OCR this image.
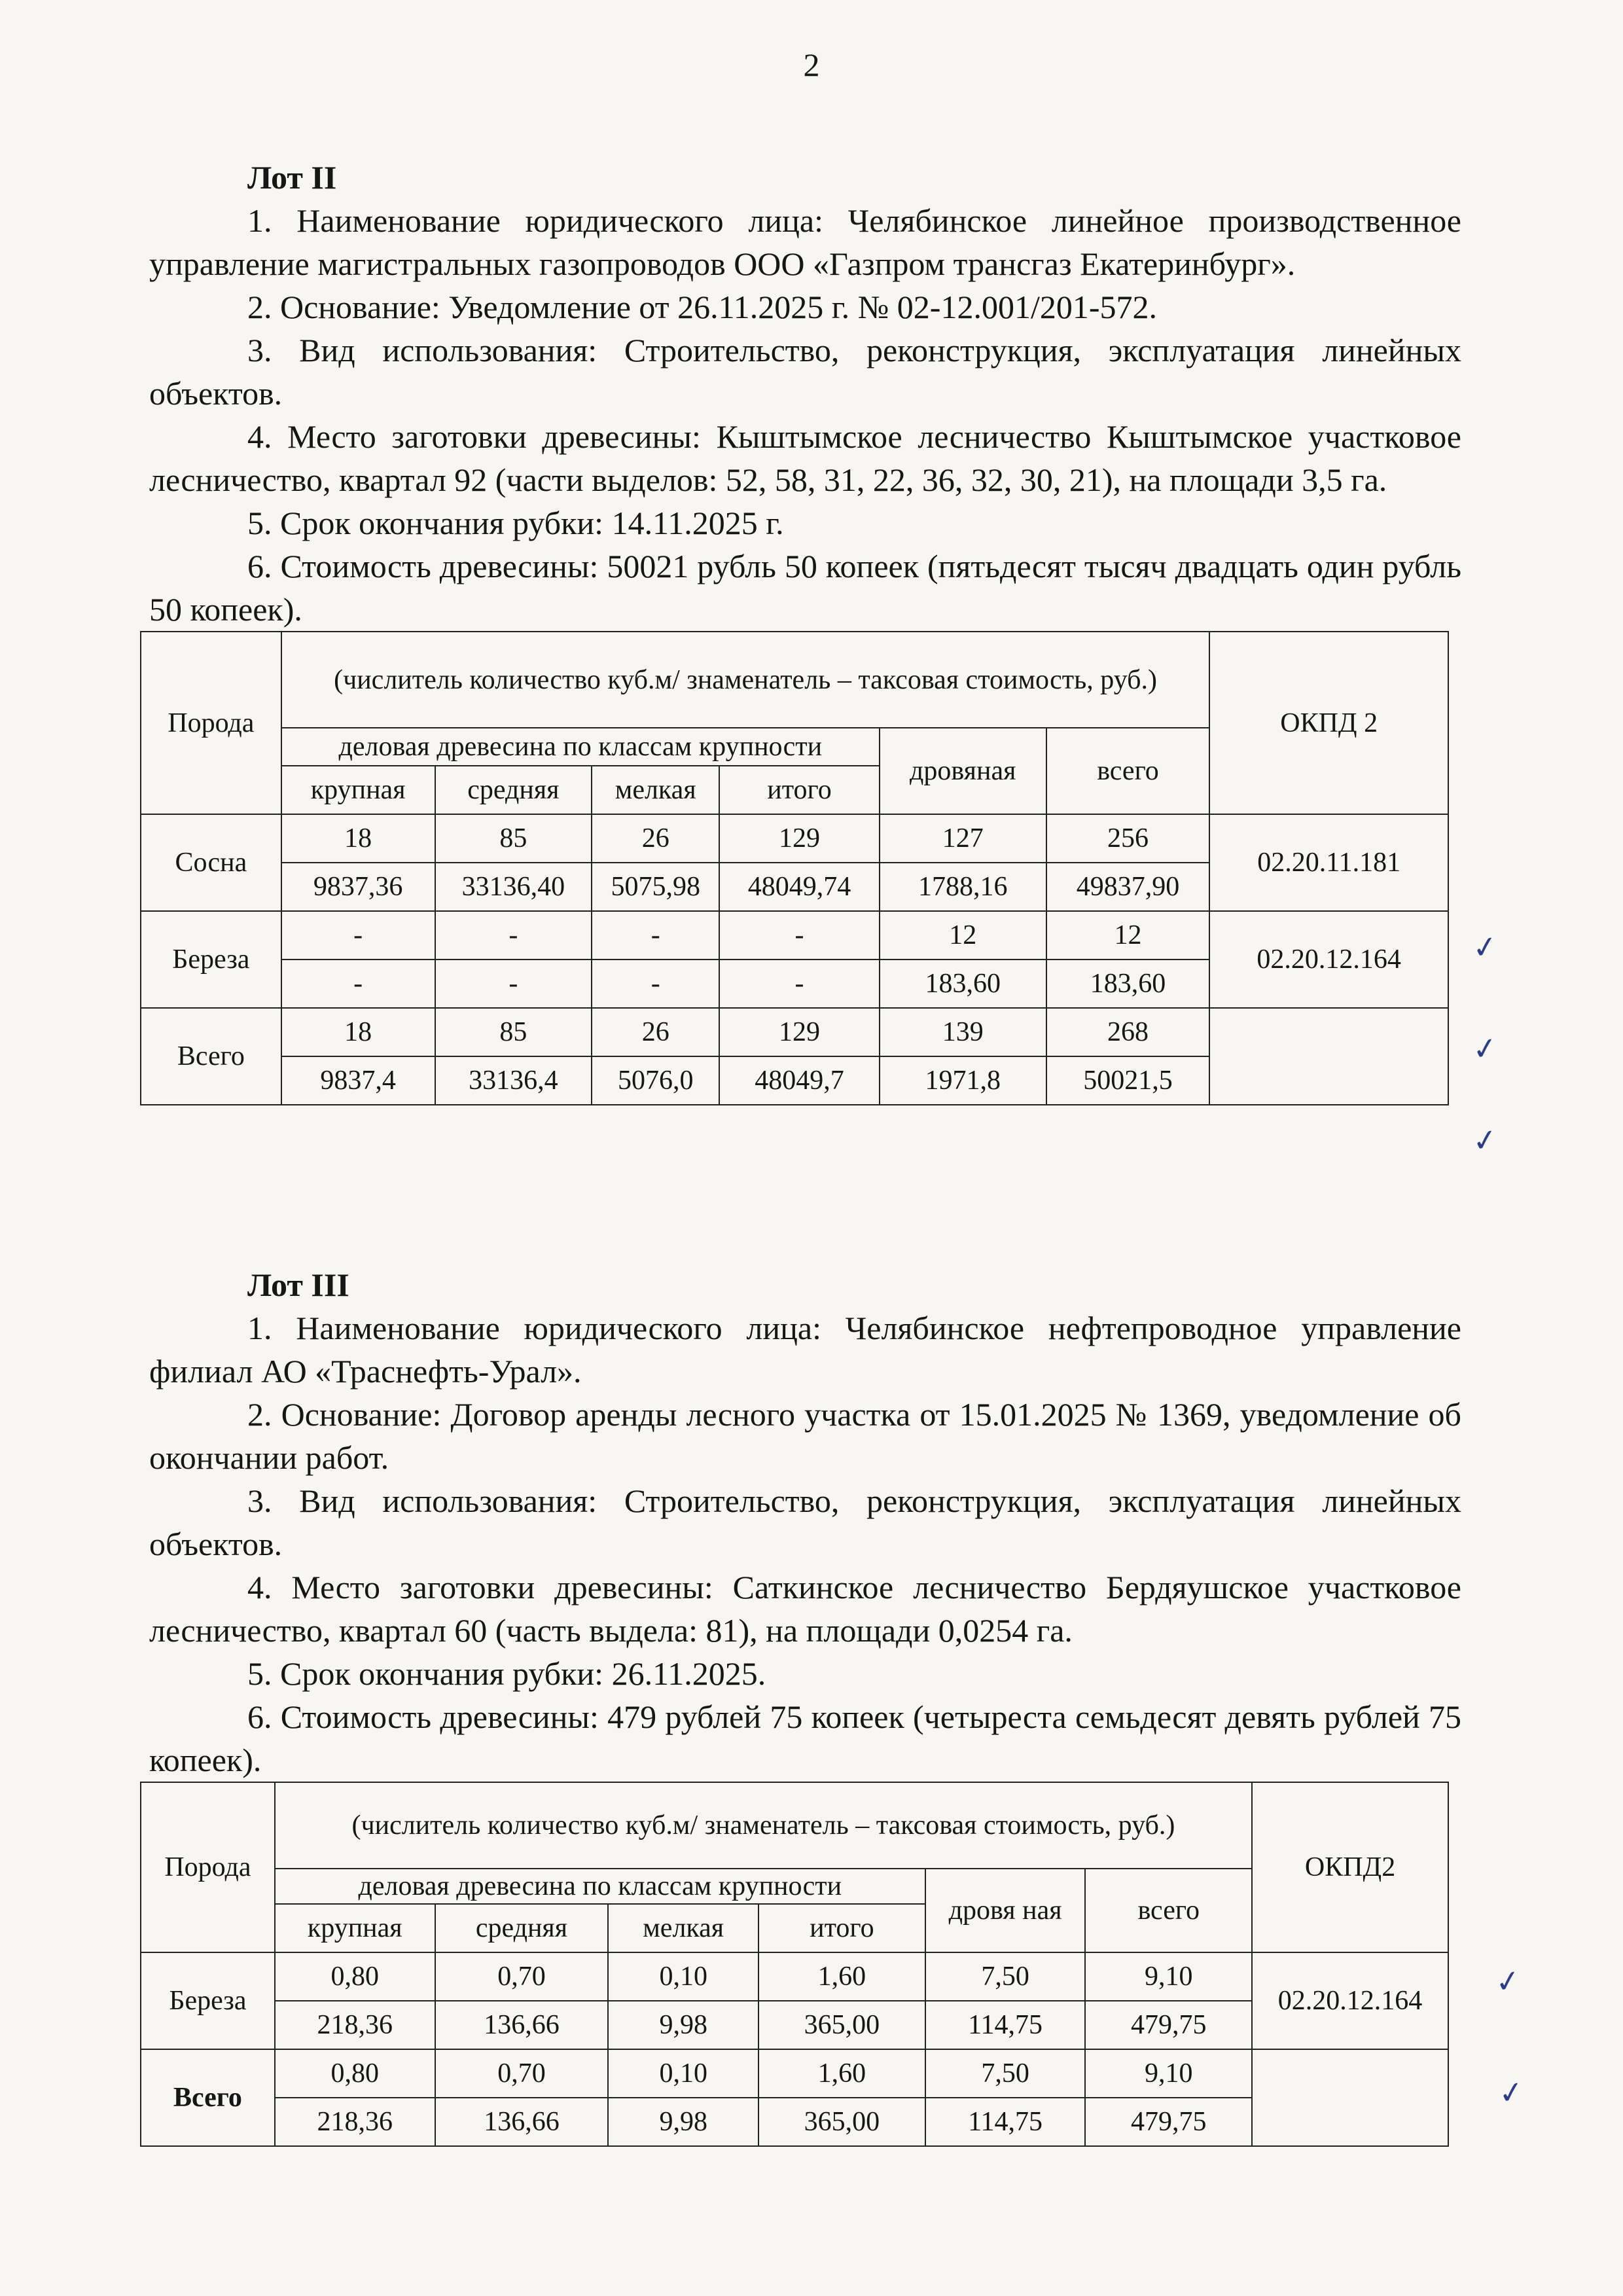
2
Лот II

1. Наименование юридического лица: Челябинское линейное производственное управление магистральных газопроводов ООО «Газпром трансгаз Екатеринбург».

2. Основание: Уведомление от 26.11.2025 г. № 02-12.001/201-572.

3. Вид использования: Строительство, реконструкция, эксплуатация линейных объектов.

4. Место заготовки древесины: Кыштымское лесничество Кыштымское участковое лесничество, квартал 92 (части выделов: 52, 58, 31, 22, 36, 32, 30, 21), на площади 3,5 га.

5. Срок окончания рубки: 14.11.2025 г.

6. Стоимость древесины: 50021 рубль 50 копеек (пятьдесят тысяч двадцать один рубль 50 копеек).

Порода	(числитель количество куб.м/ знаменатель – таксовая стоимость, руб.)						ОКПД 2
	деловая древесина по классам крупности				дровяная	всего	
	крупная	средняя	мелкая	итого			
Сосна	18	85	26	129	127	256	02.20.11.181
	9837,36	33136,40	5075,98	48049,74	1788,16	49837,90	
Береза	-	-	-	-	12	12	02.20.12.164
	-	-	-	-	183,60	183,60	
Всего	18	85	26	129	139	268	
	9837,4	33136,4	5076,0	48049,7	1971,8	50021,5	
Лот III

1. Наименование юридического лица: Челябинское нефтепроводное управление филиал АО «Траснефть-Урал».

2. Основание: Договор аренды лесного участка от 15.01.2025 № 1369, уведомление об окончании работ.

3. Вид использования: Строительство, реконструкция, эксплуатация линейных объектов.

4. Место заготовки древесины: Саткинское лесничество Бердяушское участковое лесничество, квартал 60 (часть выдела: 81), на площади 0,0254 га.

5. Срок окончания рубки: 26.11.2025.

6. Стоимость древесины: 479 рублей 75 копеек (четыреста семьдесят девять рублей 75 копеек).

Порода	(числитель количество куб.м/ знаменатель – таксовая стоимость, руб.)						ОКПД2
	деловая древесина по классам крупности				дровя ная	всего	
	крупная	средняя	мелкая	итого			
Береза	0,80	0,70	0,10	1,60	7,50	9,10	02.20.12.164
	218,36	136,66	9,98	365,00	114,75	479,75	
Всего	0,80	0,70	0,10	1,60	7,50	9,10	
	218,36	136,66	9,98	365,00	114,75	479,75	
✓
✓
✓
✓
✓
